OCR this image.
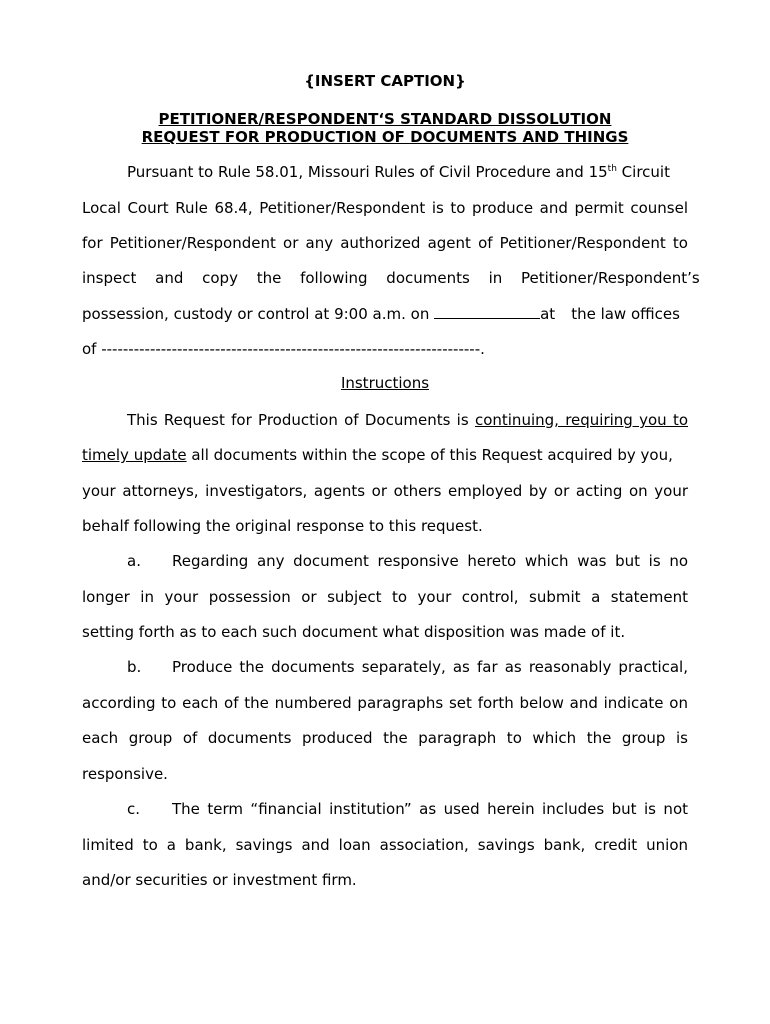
{INSERT CAPTION}
PETITIONER/RESPONDENT‘S STANDARD DISSOLUTION
REQUEST FOR PRODUCTION OF DOCUMENTS AND THINGS
Pursuant to Rule 58.01, Missouri Rules of Civil Procedure and 15th Circuit
Local Court Rule 68.4, Petitioner/Respondent is to produce and permit counsel
for Petitioner/Respondent or any authorized agent of Petitioner/Respondent to
inspect and copy the following documents in Petitioner/Respondent’s
possession, custody or control at 9:00 a.m. on	at the law offices
of ----------------------------------------------------------------------.
Instructions
This Request for Production of Documents is continuing, requiring you to
timely update all documents within the scope of this Request acquired by you,
your attorneys, investigators, agents or others employed by or acting on your
behalf following the original response to this request.
a. Regarding any document responsive hereto which was but is no
longer in your possession or subject to your control, submit a statement
setting forth as to each such document what disposition was made of it.
b. Produce the documents separately, as far as reasonably practical,
according to each of the numbered paragraphs set forth below and indicate on
each group of documents produced the paragraph to which the group is
responsive.
c. The term “financial institution” as used herein includes but is not
limited to a bank, savings and loan association, savings bank, credit union
and/or securities or investment firm.
